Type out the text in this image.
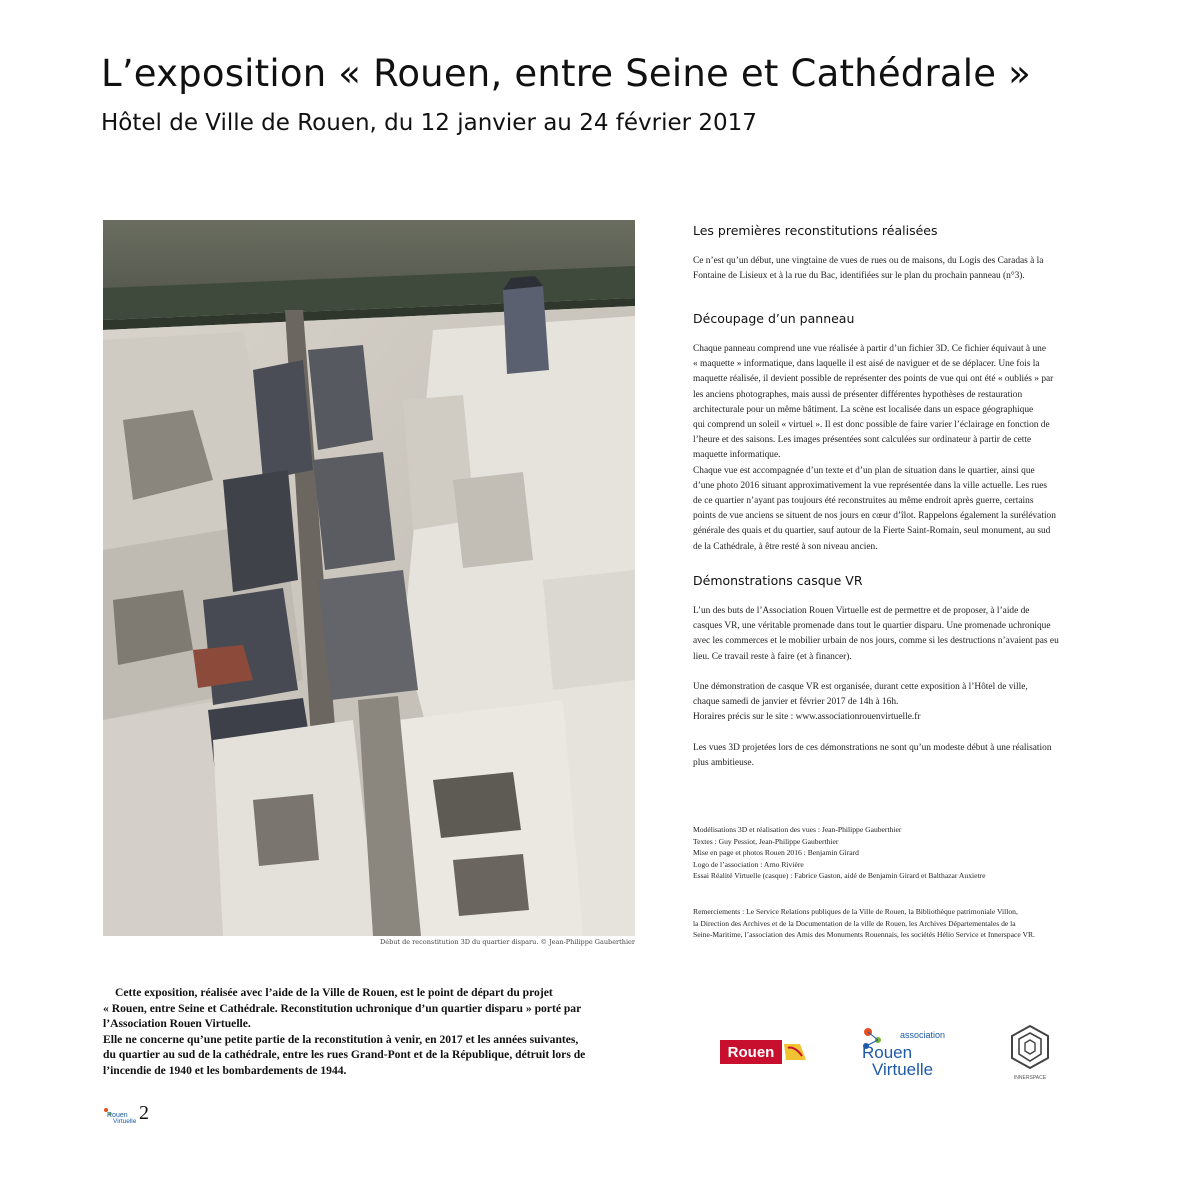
L’exposition « Rouen, entre Seine et Cathédrale »
Hôtel de Ville de Rouen, du 12 janvier au 24 février 2017
Début de reconstitution 3D du quartier disparu. © Jean-Philippe Gauberthier
Les premières reconstitutions réalisées
Ce n’est qu’un début, une vingtaine de vues de rues ou de maisons, du Logis des Caradas à la
Fontaine de Lisieux et à la rue du Bac, identifiées sur le plan du prochain panneau (n°3).
Découpage d’un panneau
Chaque panneau comprend une vue réalisée à partir d’un fichier 3D. Ce fichier équivaut à une
« maquette » informatique, dans laquelle il est aisé de naviguer et de se déplacer. Une fois la
maquette réalisée, il devient possible de représenter des points de vue qui ont été « oubliés » par
les anciens photographes, mais aussi de présenter différentes hypothèses de restauration
architecturale pour un même bâtiment. La scène est localisée dans un espace géographique
qui comprend un soleil « virtuel ». Il est donc possible de faire varier l’éclairage en fonction de
l’heure et des saisons. Les images présentées sont calculées sur ordinateur à partir de cette
maquette informatique.
Chaque vue est accompagnée d’un texte et d’un plan de situation dans le quartier, ainsi que
d’une photo 2016 situant approximativement la vue représentée dans la ville actuelle. Les rues
de ce quartier n’ayant pas toujours été reconstruites au même endroit après guerre, certains
points de vue anciens se situent de nos jours en cœur d’îlot. Rappelons également la surélévation
générale des quais et du quartier, sauf autour de la Fierte Saint-Romain, seul monument, au sud
de la Cathédrale, à être resté à son niveau ancien.
Démonstrations casque VR
L’un des buts de l’Association Rouen Virtuelle est de permettre et de proposer, à l’aide de
casques VR, une véritable promenade dans tout le quartier disparu. Une promenade uchronique
avec les commerces et le mobilier urbain de nos jours, comme si les destructions n’avaient pas eu
lieu. Ce travail reste à faire (et à financer).
Une démonstration de casque VR est organisée, durant cette exposition à l’Hôtel de ville,
chaque samedi de janvier et février 2017 de 14h à 16h.
Horaires précis sur le site : www.associationrouenvirtuelle.fr
Les vues 3D projetées lors de ces démonstrations ne sont qu’un modeste début à une réalisation
plus ambitieuse.
Modélisations 3D et réalisation des vues : Jean-Philippe Gauberthier
Textes : Guy Pessiot, Jean-Philippe Gauberthier
Mise en page et photos Rouen 2016 : Benjamin Girard
Logo de l’association : Arno Rivière
Essai Réalité Virtuelle (casque) : Fabrice Gaston, aidé de Benjamin Girard et Balthazar Auxietre
Remerciements : Le Service Relations publiques de la Ville de Rouen, la Bibliothèque patrimoniale Villon,
la Direction des Archives et de la Documentation de la ville de Rouen, les Archives Départementales de la
Seine-Maritime, l’association des Amis des Monuments Rouennais, les sociétés Hélio Service et Innerspace VR.
Cette exposition, réalisée avec l’aide de la Ville de Rouen, est le point de départ du projet
« Rouen, entre Seine et Cathédrale. Reconstitution uchronique d’un quartier disparu » porté par
l’Association Rouen Virtuelle.
Elle ne concerne qu’une petite partie de la reconstitution à venir, en 2017 et les années suivantes,
du quartier au sud de la cathédrale, entre les rues Grand-Pont et de la République, détruit lors de
l’incendie de 1940 et les bombardements de 1944.
Rouen
association
Rouen
Virtuelle	INNERSPACE
Rouen
Virtuelle 2
